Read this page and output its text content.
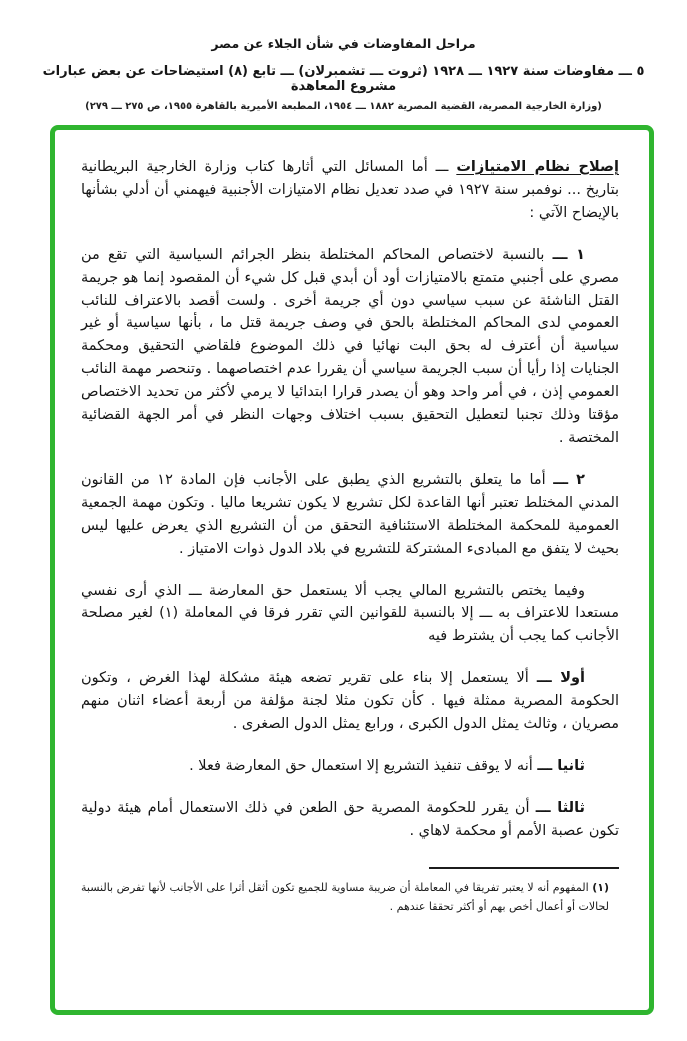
مراحل المفاوضات في شأن الجلاء عن مصر
٥ ـــ مفاوضات سنة ١٩٢٧ ـــ ١٩٢٨ (ثروت ـــ تشمبرلان) ـــ تابع (٨) استيضاحات عن بعض عبارات مشروع المعاهدة
(وزارة الخارجية المصرية، القضية المصرية ١٨٨٢ ـــ ١٩٥٤، المطبعة الأميرية بالقاهرة ١٩٥٥، ص ٢٧٥ ـــ ٢٧٩)

إصلاح نظام الامتيازات ـــ أما المسائل التي أثارها كتاب وزارة الخارجية البريطانية بتاريخ ... نوفمبر سنة ١٩٢٧ في صدد تعديل نظام الامتيازات الأجنبية فيهمني أن أدلي بشأنها بالإيضاح الآتي :

١ ـــ بالنسبة لاختصاص المحاكم المختلطة بنظر الجرائم السياسية التي تقع من مصري على أجنبي متمتع بالامتيازات أود أن أبدي قبل كل شيء أن المقصود إنما هو جريمة القتل الناشئة عن سبب سياسي دون أي جريمة أخرى . ولست أقصد بالاعتراف للنائب العمومي لدى المحاكم المختلطة بالحق في وصف جريمة قتل ما ، بأنها سياسية أو غير سياسية أن أعترف له بحق البت نهائيا في ذلك الموضوع فلقاضي التحقيق ومحكمة الجنايات إذا رأيا أن سبب الجريمة سياسي أن يقررا عدم اختصاصهما . وتنحصر مهمة النائب العمومي إذن ، في أمر واحد وهو أن يصدر قرارا ابتدائيا لا يرمي لأكثر من تحديد الاختصاص مؤقتا وذلك تجنبا لتعطيل التحقيق بسبب اختلاف وجهات النظر في أمر الجهة القضائية المختصة .

٢ ـــ أما ما يتعلق بالتشريع الذي يطبق على الأجانب فإن المادة ١٢ من القانون المدني المختلط تعتبر أنها القاعدة لكل تشريع لا يكون تشريعا ماليا . وتكون مهمة الجمعية العمومية للمحكمة المختلطة الاستئنافية التحقق من أن التشريع الذي يعرض عليها ليس بحيث لا يتفق مع المبادىء المشتركة للتشريع في بلاد الدول ذوات الامتياز .

وفيما يختص بالتشريع المالي يجب ألا يستعمل حق المعارضة ـــ الذي أرى نفسي مستعدا للاعتراف به ـــ إلا بالنسبة للقوانين التي تقرر فرقا في المعاملة (١) لغير مصلحة الأجانب كما يجب أن يشترط فيه

أولا ـــ ألا يستعمل إلا بناء على تقرير تضعه هيئة مشكلة لهذا الغرض ، وتكون الحكومة المصرية ممثلة فيها . كأن تكون مثلا لجنة مؤلفة من أربعة أعضاء اثنان منهم مصريان ، وثالث يمثل الدول الكبرى ، ورابع يمثل الدول الصغرى .

ثانيا ـــ أنه لا يوقف تنفيذ التشريع إلا استعمال حق المعارضة فعلا .

ثالثا ـــ أن يقرر للحكومة المصرية حق الطعن في ذلك الاستعمال أمام هيئة دولية تكون عصبة الأمم أو محكمة لاهاي .

(١) المفهوم أنه لا يعتبر تفريقا في المعاملة أن ضريبة مساوية للجميع تكون أثقل أثرا على الأجانب لأنها تفرض بالنسبة لحالات أو أعمال أخص بهم أو أكثر تحققا عندهم .
